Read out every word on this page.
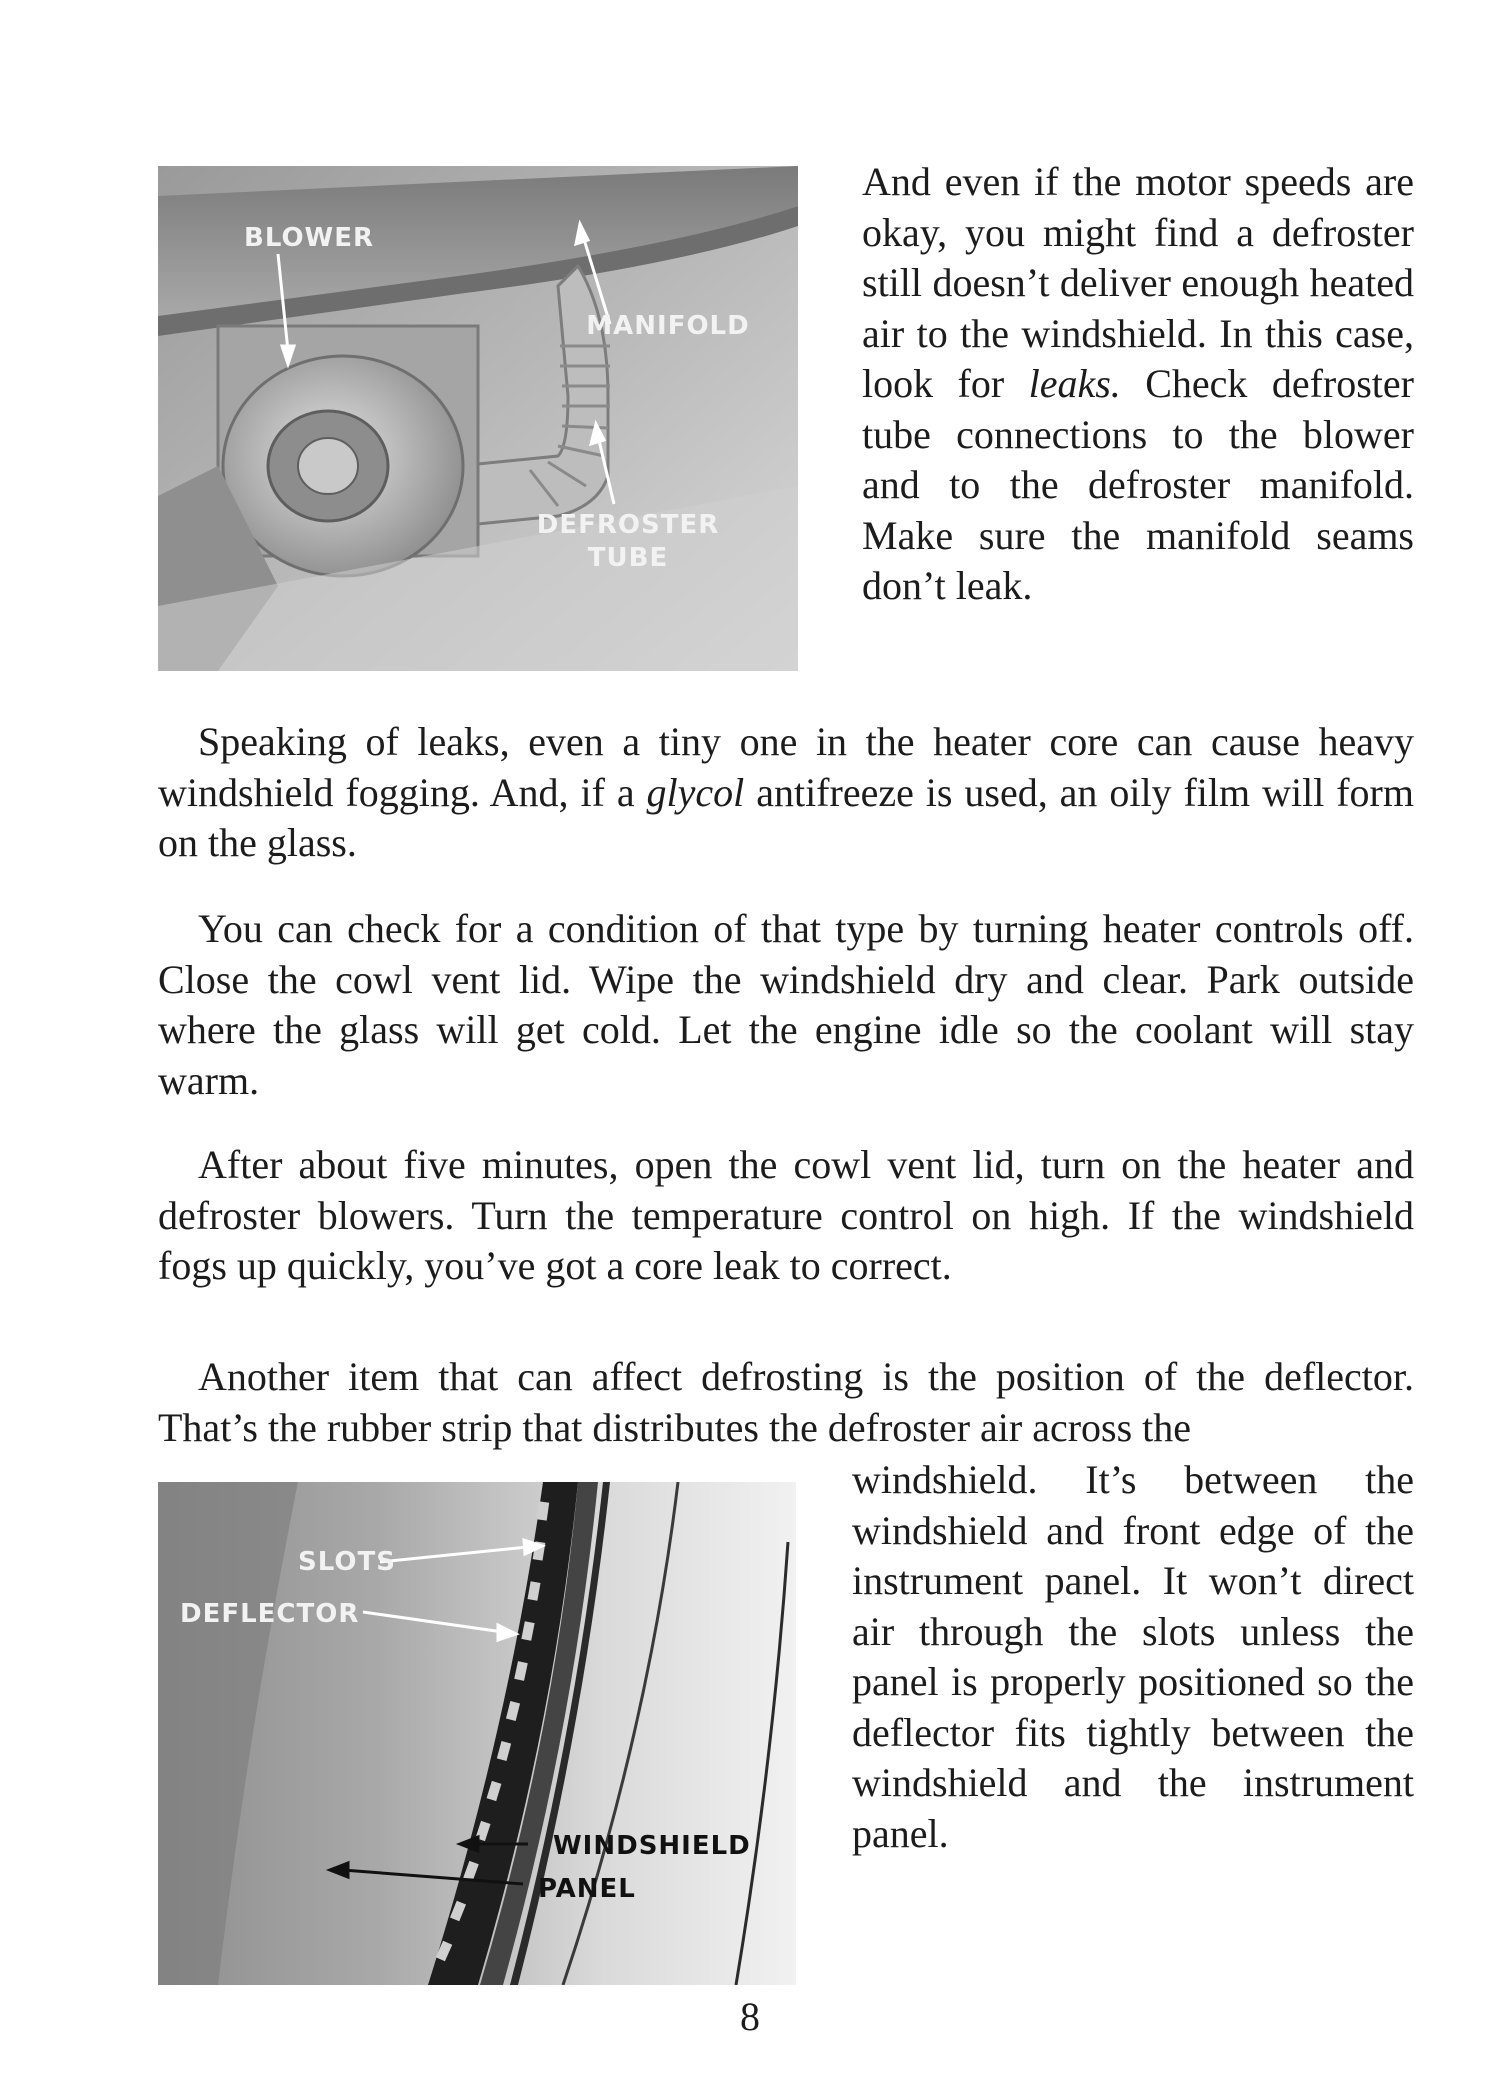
BLOWER
MANIFOLD
DEFROSTER
TUBE

And even if the motor speeds are okay, you might find a defroster still doesn’t deliver enough heated air to the windshield. In this case, look for leaks. Check defroster tube connections to the blower and to the defroster manifold. Make sure the manifold seams don’t leak.

Speaking of leaks, even a tiny one in the heater core can cause heavy windshield fogging. And, if a glycol antifreeze is used, an oily film will form on the glass.

You can check for a condition of that type by turning heater controls off. Close the cowl vent lid. Wipe the windshield dry and clear. Park outside where the glass will get cold. Let the engine idle so the coolant will stay warm.

After about five minutes, open the cowl vent lid, turn on the heater and defroster blowers. Turn the temperature control on high. If the windshield fogs up quickly, you’ve got a core leak to correct.

Another item that can affect defrosting is the position of the deflector. That’s the rubber strip that distributes the defroster air across the

SLOTS
DEFLECTOR
WINDSHIELD
PANEL

windshield. It’s between the windshield and front edge of the instrument panel. It won’t direct air through the slots unless the panel is properly positioned so the deflector fits tightly between the windshield and the instrument panel.

8
